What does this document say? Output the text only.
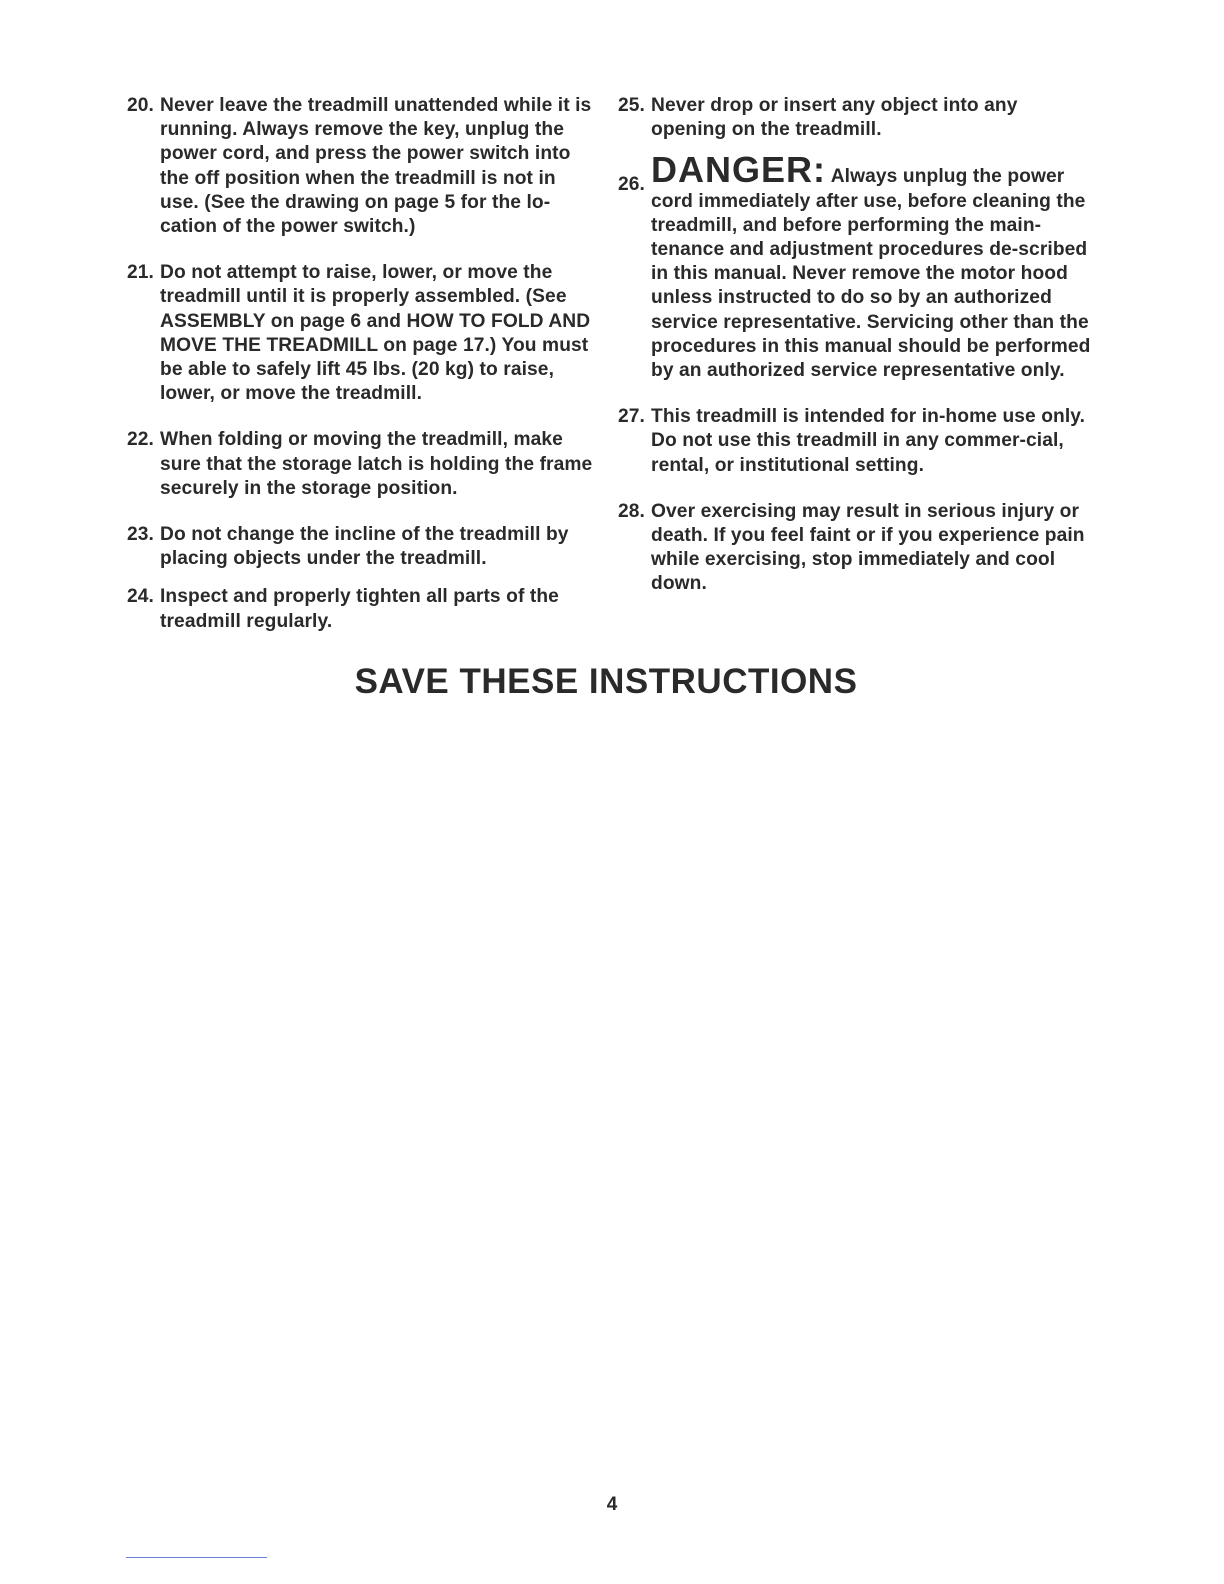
20. Never leave the treadmill unattended while it is running. Always remove the key, unplug the power cord, and press the power switch into the off position when the treadmill is not in use. (See the drawing on page 5 for the lo-cation of the power switch.)
21. Do not attempt to raise, lower, or move the treadmill until it is properly assembled. (See ASSEMBLY on page 6 and HOW TO FOLD AND MOVE THE TREADMILL on page 17.) You must be able to safely lift 45 lbs. (20 kg) to raise, lower, or move the treadmill.
22. When folding or moving the treadmill, make sure that the storage latch is holding the frame securely in the storage position.
23. Do not change the incline of the treadmill by placing objects under the treadmill.
24. Inspect and properly tighten all parts of the treadmill regularly.
25. Never drop or insert any object into any opening on the treadmill.
26. DANGER: Always unplug the power cord immediately after use, before cleaning the treadmill, and before performing the main-tenance and adjustment procedures de-scribed in this manual. Never remove the motor hood unless instructed to do so by an authorized service representative. Servicing other than the procedures in this manual should be performed by an authorized service representative only.
27. This treadmill is intended for in-home use only. Do not use this treadmill in any commer-cial, rental, or institutional setting.
28. Over exercising may result in serious injury or death. If you feel faint or if you experience pain while exercising, stop immediately and cool down.
SAVE THESE INSTRUCTIONS
4
